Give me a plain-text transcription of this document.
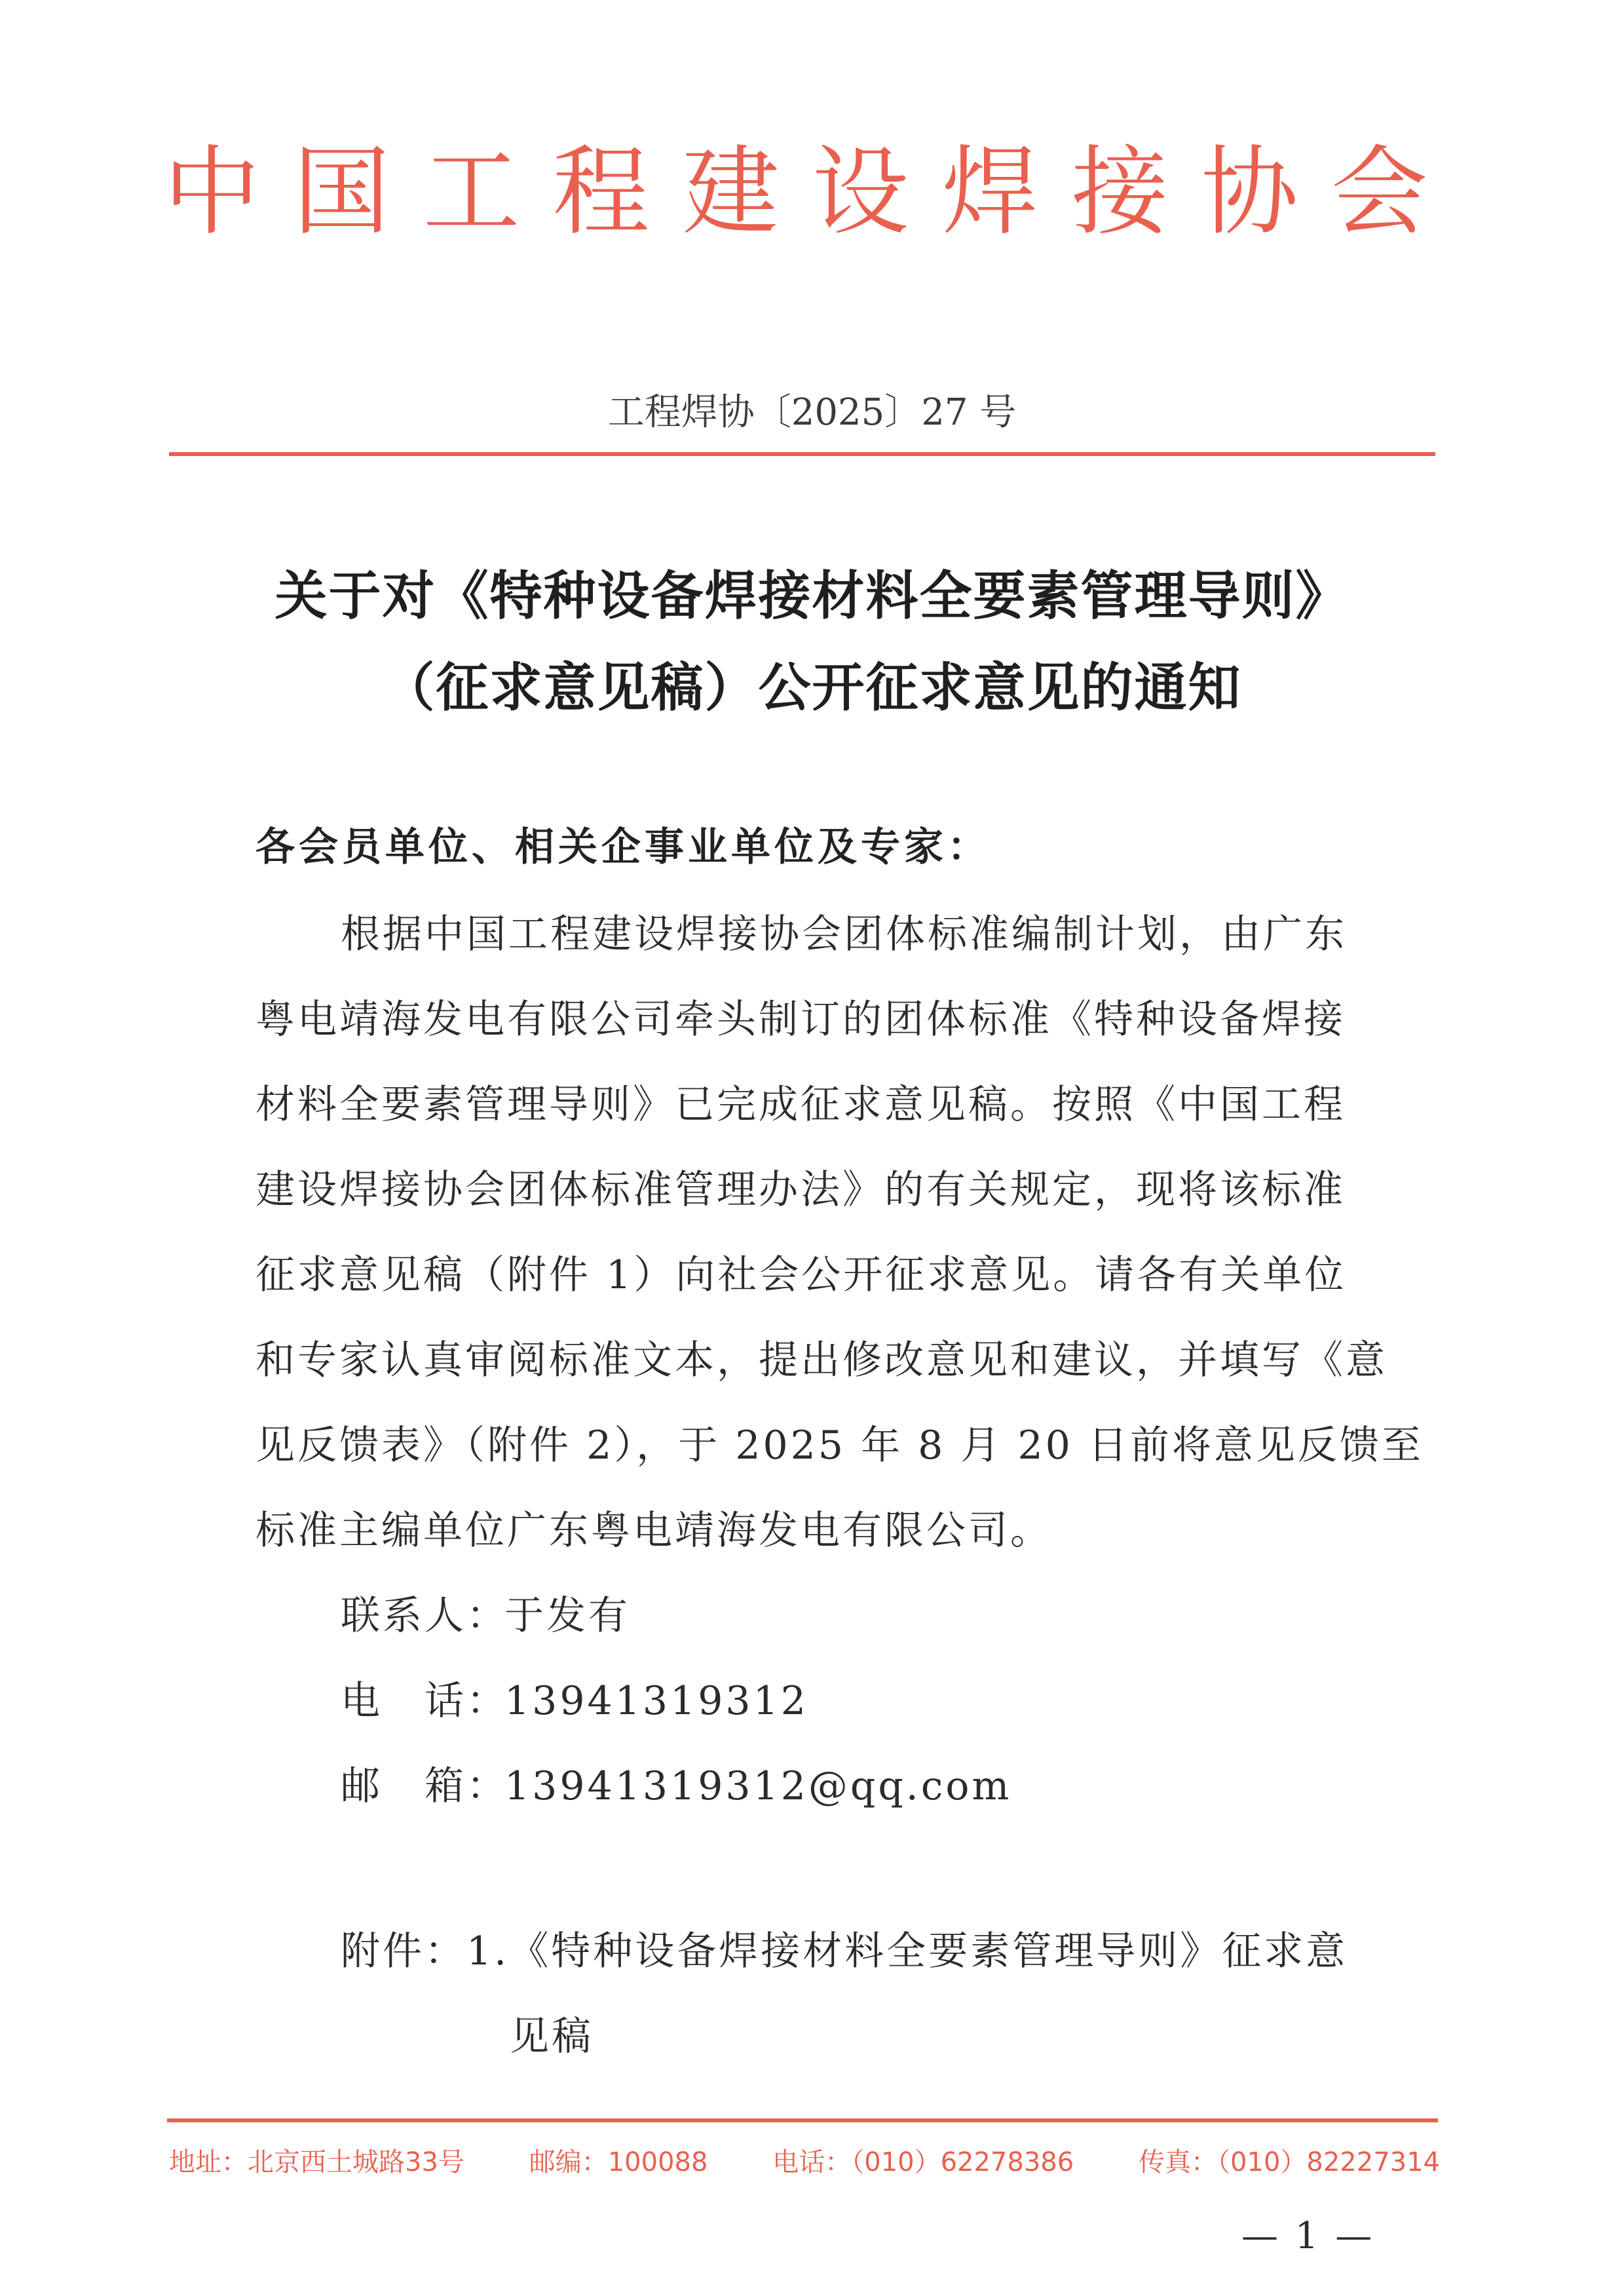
中国工程建设焊接协会
工程焊协〔2025〕27 号
关于对《特种设备焊接材料全要素管理导则》
（征求意见稿）公开征求意见的通知
各会员单位、相关企事业单位及专家：
根据中国工程建设焊接协会团体标准编制计划，由广东
粤电靖海发电有限公司牵头制订的团体标准《特种设备焊接
材料全要素管理导则》已完成征求意见稿。按照《中国工程
建设焊接协会团体标准管理办法》的有关规定，现将该标准
征求意见稿（附件 1）向社会公开征求意见。请各有关单位
和专家认真审阅标准文本，提出修改意见和建议，并填写《意
见反馈表》（附件 2），于 2025 年 8 月 20 日前将意见反馈至
标准主编单位广东粤电靖海发电有限公司。
联系人：于发有
电　话：13941319312
邮　箱：13941319312@qq.com
附件：1.《特种设备焊接材料全要素管理导则》征求意
见稿
地址：北京西土城路33号 邮编：100088 电话：（010）62278386 传真：（010）82227314
— 1 —
